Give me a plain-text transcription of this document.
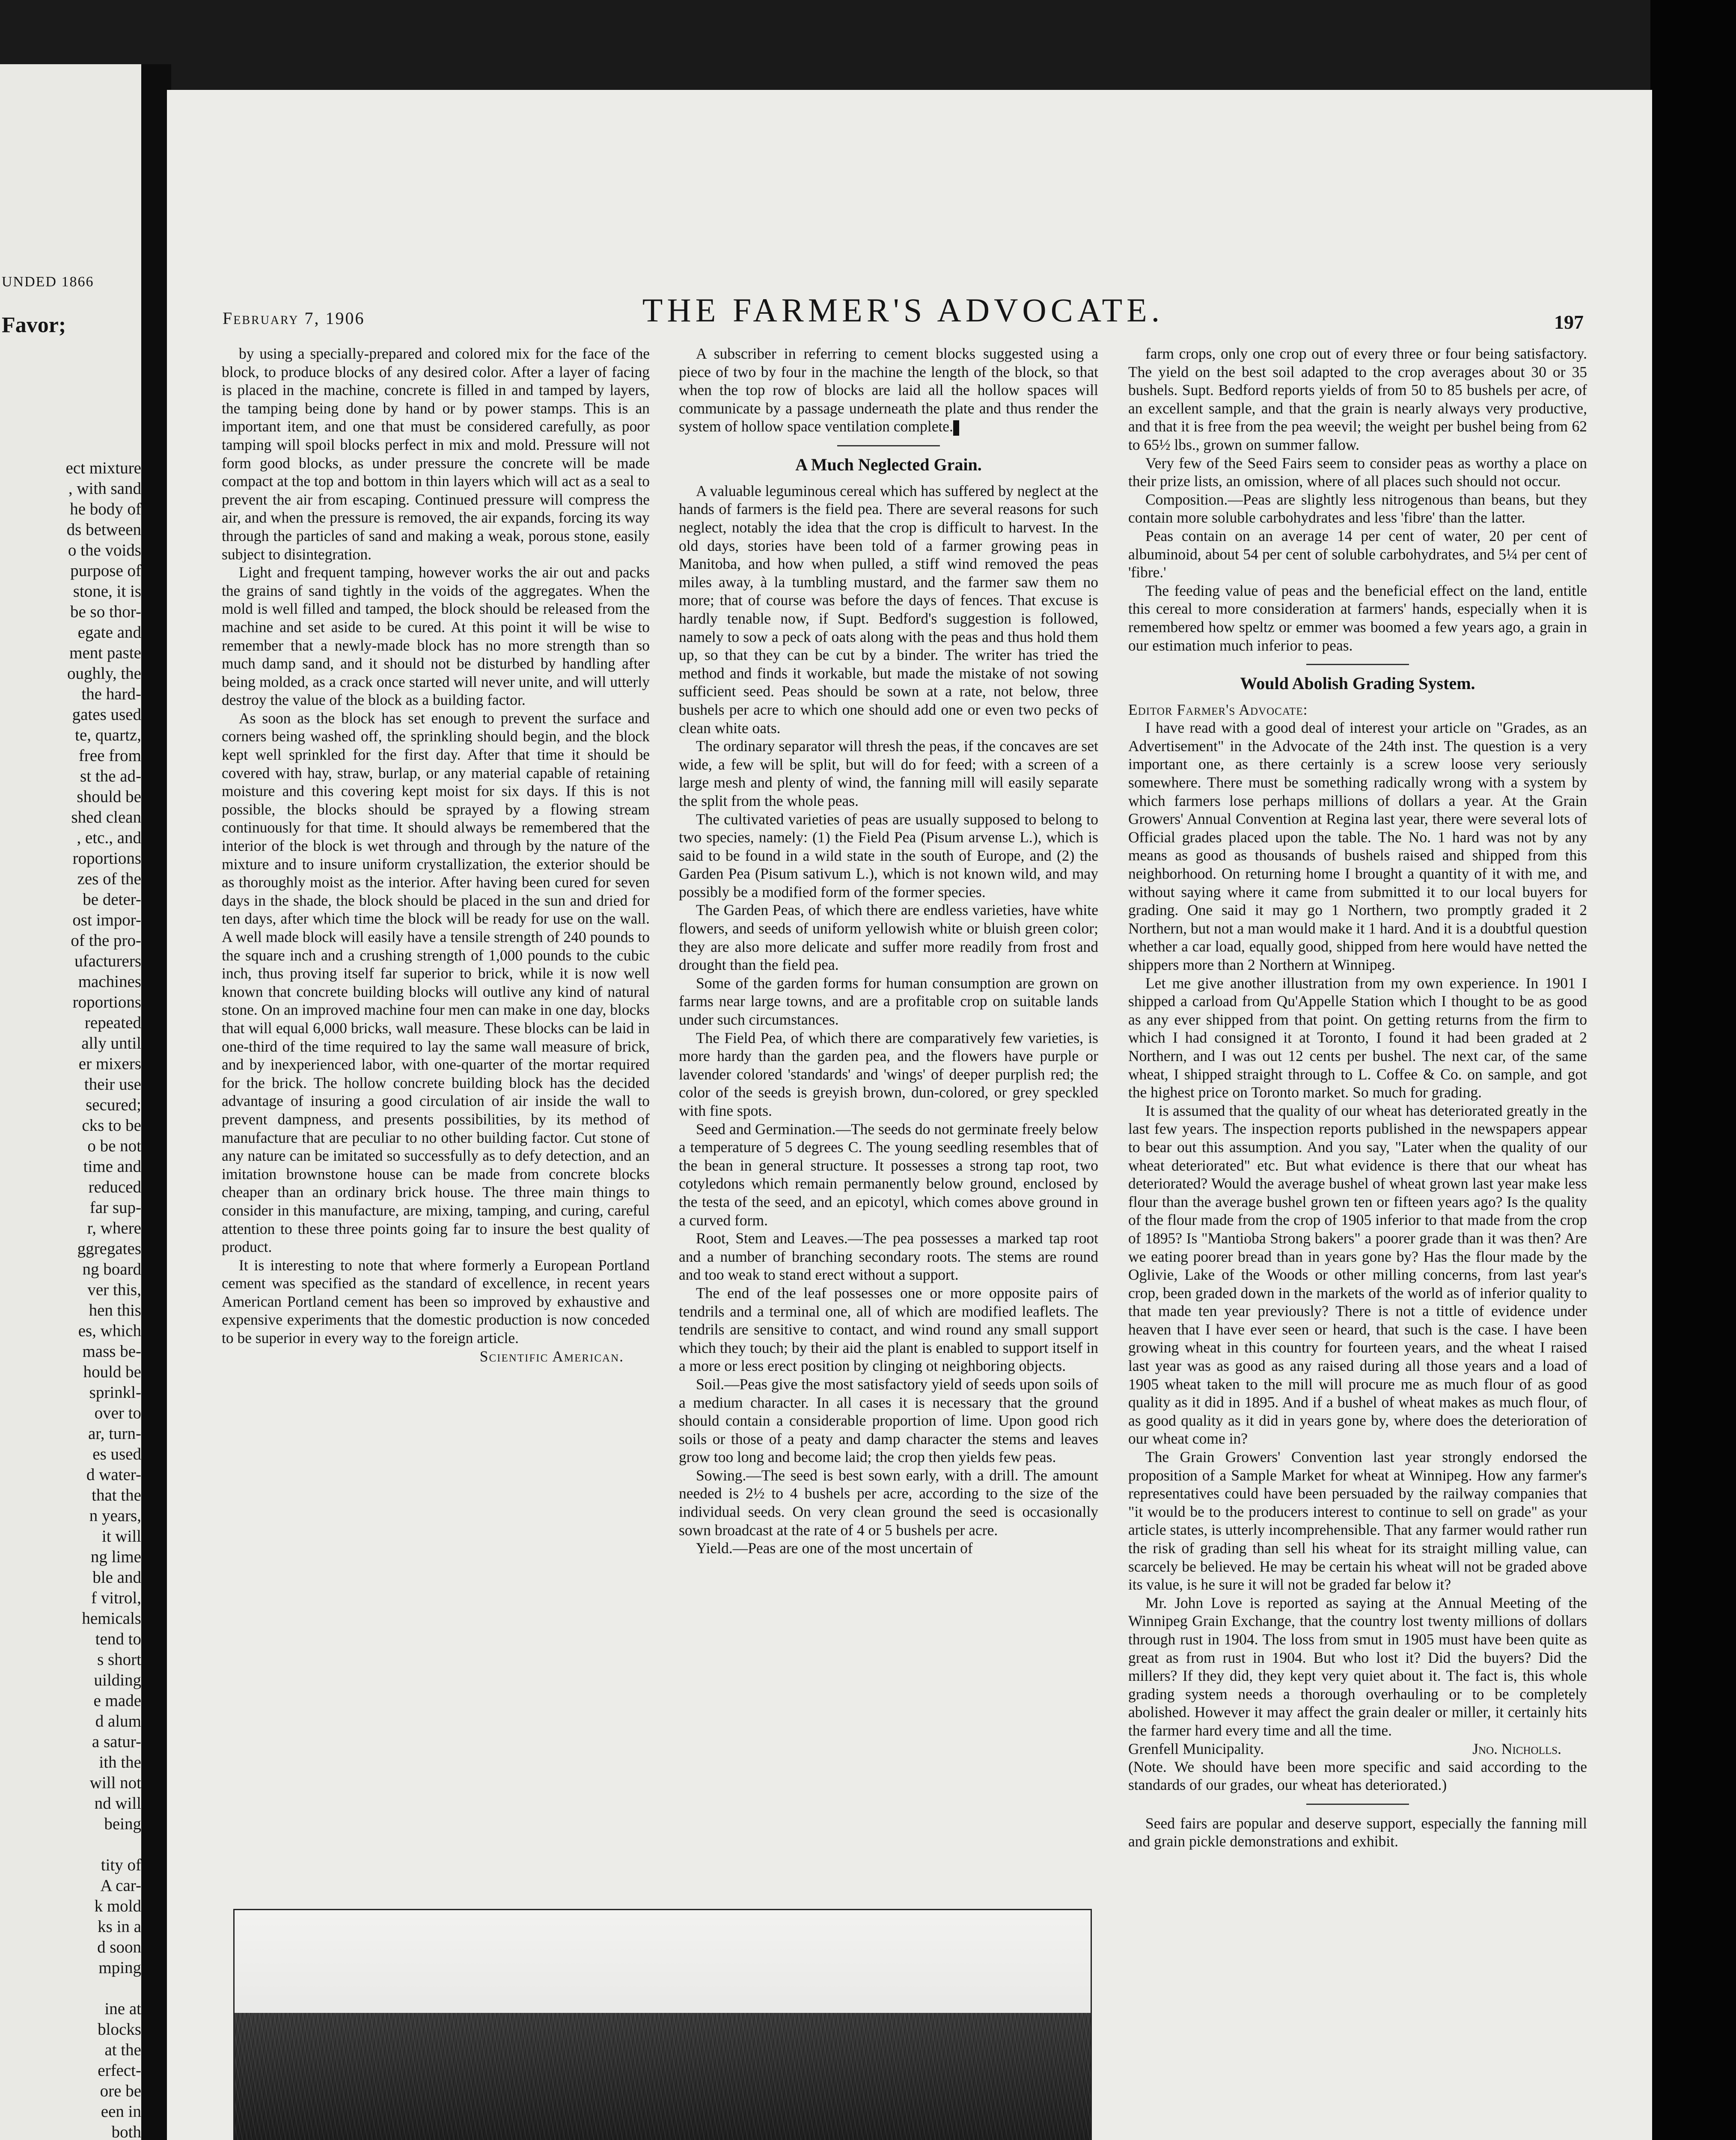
UNDED 1866
Favor;
ect mixture
, with sand
he body of
ds between
o the voids
purpose of
stone, it is
be so thor-
egate and
ment paste
oughly, the
the hard-
gates used
te, quartz,
free from
st the ad-
should be
shed clean
, etc., and
roportions
zes of the
be deter-
ost impor-
of the pro-
ufacturers
machines
roportions
repeated
ally until
er mixers
their use
secured;
cks to be
o be not
time and
reduced
far sup-
r, where
ggregates
ng board
ver this,
hen this
es, which
mass be-
hould be
sprinkl-
over to
ar, turn-
es used
d water-
that the
n years,
it will
ng lime
ble and
f vitrol,
hemicals
tend to
s short
uilding
e made
d alum
a satur-
ith the
will not
nd will
being
tity of
A car-
k mold
ks in a
d soon
mping
ine at
blocks
at the
erfect-
ore be
een in
both
February 7, 1906	THE FARMER'S ADVOCATE.	197

by using a specially-prepared and colored mix for the face of the block, to produce blocks of any desired color. After a layer of facing is placed in the machine, concrete is filled in and tamped by layers, the tamping being done by hand or by power stamps. This is an important item, and one that must be considered carefully, as poor tamping will spoil blocks perfect in mix and mold. Pressure will not form good blocks, as under pressure the concrete will be made compact at the top and bottom in thin layers which will act as a seal to prevent the air from escaping. Continued pressure will compress the air, and when the pressure is removed, the air expands, forcing its way through the particles of sand and making a weak, porous stone, easily subject to disintegration.

Light and frequent tamping, however works the air out and packs the grains of sand tightly in the voids of the aggregates. When the mold is well filled and tamped, the block should be released from the machine and set aside to be cured. At this point it will be wise to remember that a newly-made block has no more strength than so much damp sand, and it should not be disturbed by handling after being molded, as a crack once started will never unite, and will utterly destroy the value of the block as a building factor.

As soon as the block has set enough to prevent the surface and corners being washed off, the sprinkling should begin, and the block kept well sprinkled for the first day. After that time it should be covered with hay, straw, burlap, or any material capable of retaining moisture and this covering kept moist for six days. If this is not possible, the blocks should be sprayed by a flowing stream continuously for that time. It should always be remembered that the interior of the block is wet through and through by the nature of the mixture and to insure uniform crystallization, the exterior should be as thoroughly moist as the interior. After having been cured for seven days in the shade, the block should be placed in the sun and dried for ten days, after which time the block will be ready for use on the wall. A well made block will easily have a tensile strength of 240 pounds to the square inch and a crushing strength of 1,000 pounds to the cubic inch, thus proving itself far superior to brick, while it is now well known that concrete building blocks will outlive any kind of natural stone. On an improved machine four men can make in one day, blocks that will equal 6,000 bricks, wall measure. These blocks can be laid in one-third of the time required to lay the same wall measure of brick, and by inexperienced labor, with one-quarter of the mortar required for the brick. The hollow concrete building block has the decided advantage of insuring a good circulation of air inside the wall to prevent dampness, and presents possibilities, by its method of manufacture that are peculiar to no other building factor. Cut stone of any nature can be imitated so successfully as to defy detection, and an imitation brownstone house can be made from concrete blocks cheaper than an ordinary brick house. The three main things to consider in this manufacture, are mixing, tamping, and curing, careful attention to these three points going far to insure the best quality of product.

It is interesting to note that where formerly a European Portland cement was specified as the standard of excellence, in recent years American Portland cement has been so improved by exhaustive and expensive experiments that the domestic production is now conceded to be superior in every way to the foreign article.

Scientific American.

A subscriber in referring to cement blocks suggested using a piece of two by four in the machine the length of the block, so that when the top row of blocks are laid all the hollow spaces will communicate by a passage underneath the plate and thus render the system of hollow space ventilation complete.

A Much Neglected Grain.

A valuable leguminous cereal which has suffered by neglect at the hands of farmers is the field pea. There are several reasons for such neglect, notably the idea that the crop is difficult to harvest. In the old days, stories have been told of a farmer growing peas in Manitoba, and how when pulled, a stiff wind removed the peas miles away, à la tumbling mustard, and the farmer saw them no more; that of course was before the days of fences. That excuse is hardly tenable now, if Supt. Bedford's suggestion is followed, namely to sow a peck of oats along with the peas and thus hold them up, so that they can be cut by a binder. The writer has tried the method and finds it workable, but made the mistake of not sowing sufficient seed. Peas should be sown at a rate, not below, three bushels per acre to which one should add one or even two pecks of clean white oats.

The ordinary separator will thresh the peas, if the concaves are set wide, a few will be split, but will do for feed; with a screen of a large mesh and plenty of wind, the fanning mill will easily separate the split from the whole peas.

The cultivated varieties of peas are usually supposed to belong to two species, namely: (1) the Field Pea (Pisum arvense L.), which is said to be found in a wild state in the south of Europe, and (2) the Garden Pea (Pisum sativum L.), which is not known wild, and may possibly be a modified form of the former species.

The Garden Peas, of which there are endless varieties, have white flowers, and seeds of uniform yellowish white or bluish green color; they are also more delicate and suffer more readily from frost and drought than the field pea.

Some of the garden forms for human consumption are grown on farms near large towns, and are a profitable crop on suitable lands under such circumstances.

The Field Pea, of which there are comparatively few varieties, is more hardy than the garden pea, and the flowers have purple or lavender colored 'standards' and 'wings' of deeper purplish red; the color of the seeds is greyish brown, dun-colored, or grey speckled with fine spots.

Seed and Germination.—The seeds do not germinate freely below a temperature of 5 degrees C. The young seedling resembles that of the bean in general structure. It possesses a strong tap root, two cotyledons which remain permanently below ground, enclosed by the testa of the seed, and an epicotyl, which comes above ground in a curved form.

Root, Stem and Leaves.—The pea possesses a marked tap root and a number of branching secondary roots. The stems are round and too weak to stand erect without a support.

The end of the leaf possesses one or more opposite pairs of tendrils and a terminal one, all of which are modified leaflets. The tendrils are sensitive to contact, and wind round any small support which they touch; by their aid the plant is enabled to support itself in a more or less erect position by clinging ot neighboring objects.

Soil.—Peas give the most satisfactory yield of seeds upon soils of a medium character. In all cases it is necessary that the ground should contain a considerable proportion of lime. Upon good rich soils or those of a peaty and damp character the stems and leaves grow too long and become laid; the crop then yields few peas.

Sowing.—The seed is best sown early, with a drill. The amount needed is 2½ to 4 bushels per acre, according to the size of the individual seeds. On very clean ground the seed is occasionally sown broadcast at the rate of 4 or 5 bushels per acre.

Yield.—Peas are one of the most uncertain of

farm crops, only one crop out of every three or four being satisfactory. The yield on the best soil adapted to the crop averages about 30 or 35 bushels. Supt. Bedford reports yields of from 50 to 85 bushels per acre, of an excellent sample, and that the grain is nearly always very productive, and that it is free from the pea weevil; the weight per bushel being from 62 to 65½ lbs., grown on summer fallow.

Very few of the Seed Fairs seem to consider peas as worthy a place on their prize lists, an omission, where of all places such should not occur.

Composition.—Peas are slightly less nitrogenous than beans, but they contain more soluble carbohydrates and less 'fibre' than the latter.

Peas contain on an average 14 per cent of water, 20 per cent of albuminoid, about 54 per cent of soluble carbohydrates, and 5¼ per cent of 'fibre.'

The feeding value of peas and the beneficial effect on the land, entitle this cereal to more consideration at farmers' hands, especially when it is remembered how speltz or emmer was boomed a few years ago, a grain in our estimation much inferior to peas.

Would Abolish Grading System.
Editor Farmer's Advocate:

I have read with a good deal of interest your article on "Grades, as an Advertisement" in the Advocate of the 24th inst. The question is a very important one, as there certainly is a screw loose very seriously somewhere. There must be something radically wrong with a system by which farmers lose perhaps millions of dollars a year. At the Grain Growers' Annual Convention at Regina last year, there were several lots of Official grades placed upon the table. The No. 1 hard was not by any means as good as thousands of bushels raised and shipped from this neighborhood. On returning home I brought a quantity of it with me, and without saying where it came from submitted it to our local buyers for grading. One said it may go 1 Northern, two promptly graded it 2 Northern, but not a man would make it 1 hard. And it is a doubtful question whether a car load, equally good, shipped from here would have netted the shippers more than 2 Northern at Winnipeg.

Let me give another illustration from my own experience. In 1901 I shipped a carload from Qu'Appelle Station which I thought to be as good as any ever shipped from that point. On getting returns from the firm to which I had consigned it at Toronto, I found it had been graded at 2 Northern, and I was out 12 cents per bushel. The next car, of the same wheat, I shipped straight through to L. Coffee & Co. on sample, and got the highest price on Toronto market. So much for grading.

It is assumed that the quality of our wheat has deteriorated greatly in the last few years. The inspection reports published in the newspapers appear to bear out this assumption. And you say, "Later when the quality of our wheat deteriorated" etc. But what evidence is there that our wheat has deteriorated? Would the average bushel of wheat grown last year make less flour than the average bushel grown ten or fifteen years ago? Is the quality of the flour made from the crop of 1905 inferior to that made from the crop of 1895? Is "Mantioba Strong bakers" a poorer grade than it was then? Are we eating poorer bread than in years gone by? Has the flour made by the Oglivie, Lake of the Woods or other milling concerns, from last year's crop, been graded down in the markets of the world as of inferior quality to that made ten year previously? There is not a tittle of evidence under heaven that I have ever seen or heard, that such is the case. I have been growing wheat in this country for fourteen years, and the wheat I raised last year was as good as any raised during all those years and a load of 1905 wheat taken to the mill will procure me as much flour of as good quality as it did in 1895. And if a bushel of wheat makes as much flour, of as good quality as it did in years gone by, where does the deterioration of our wheat come in?

The Grain Growers' Convention last year strongly endorsed the proposition of a Sample Market for wheat at Winnipeg. How any farmer's representatives could have been persuaded by the railway companies that "it would be to the producers interest to continue to sell on grade" as your article states, is utterly incomprehensible. That any farmer would rather run the risk of grading than sell his wheat for its straight milling value, can scarcely be believed. He may be certain his wheat will not be graded above its value, is he sure it will not be graded far below it?

Mr. John Love is reported as saying at the Annual Meeting of the Winnipeg Grain Exchange, that the country lost twenty millions of dollars through rust in 1904. The loss from smut in 1905 must have been quite as great as from rust in 1904. But who lost it? Did the buyers? Did the millers? If they did, they kept very quiet about it. The fact is, this whole grading system needs a thorough overhauling or to be completely abolished. However it may affect the grain dealer or miller, it certainly hits the farmer hard every time and all the time.

Grenfell Municipality.	Jno. Nicholls.

(Note. We should have been more specific and said according to the standards of our grades, our wheat has deteriorated.)

Seed fairs are popular and deserve support, especially the fanning mill and grain pickle demonstrations and exhibit.
